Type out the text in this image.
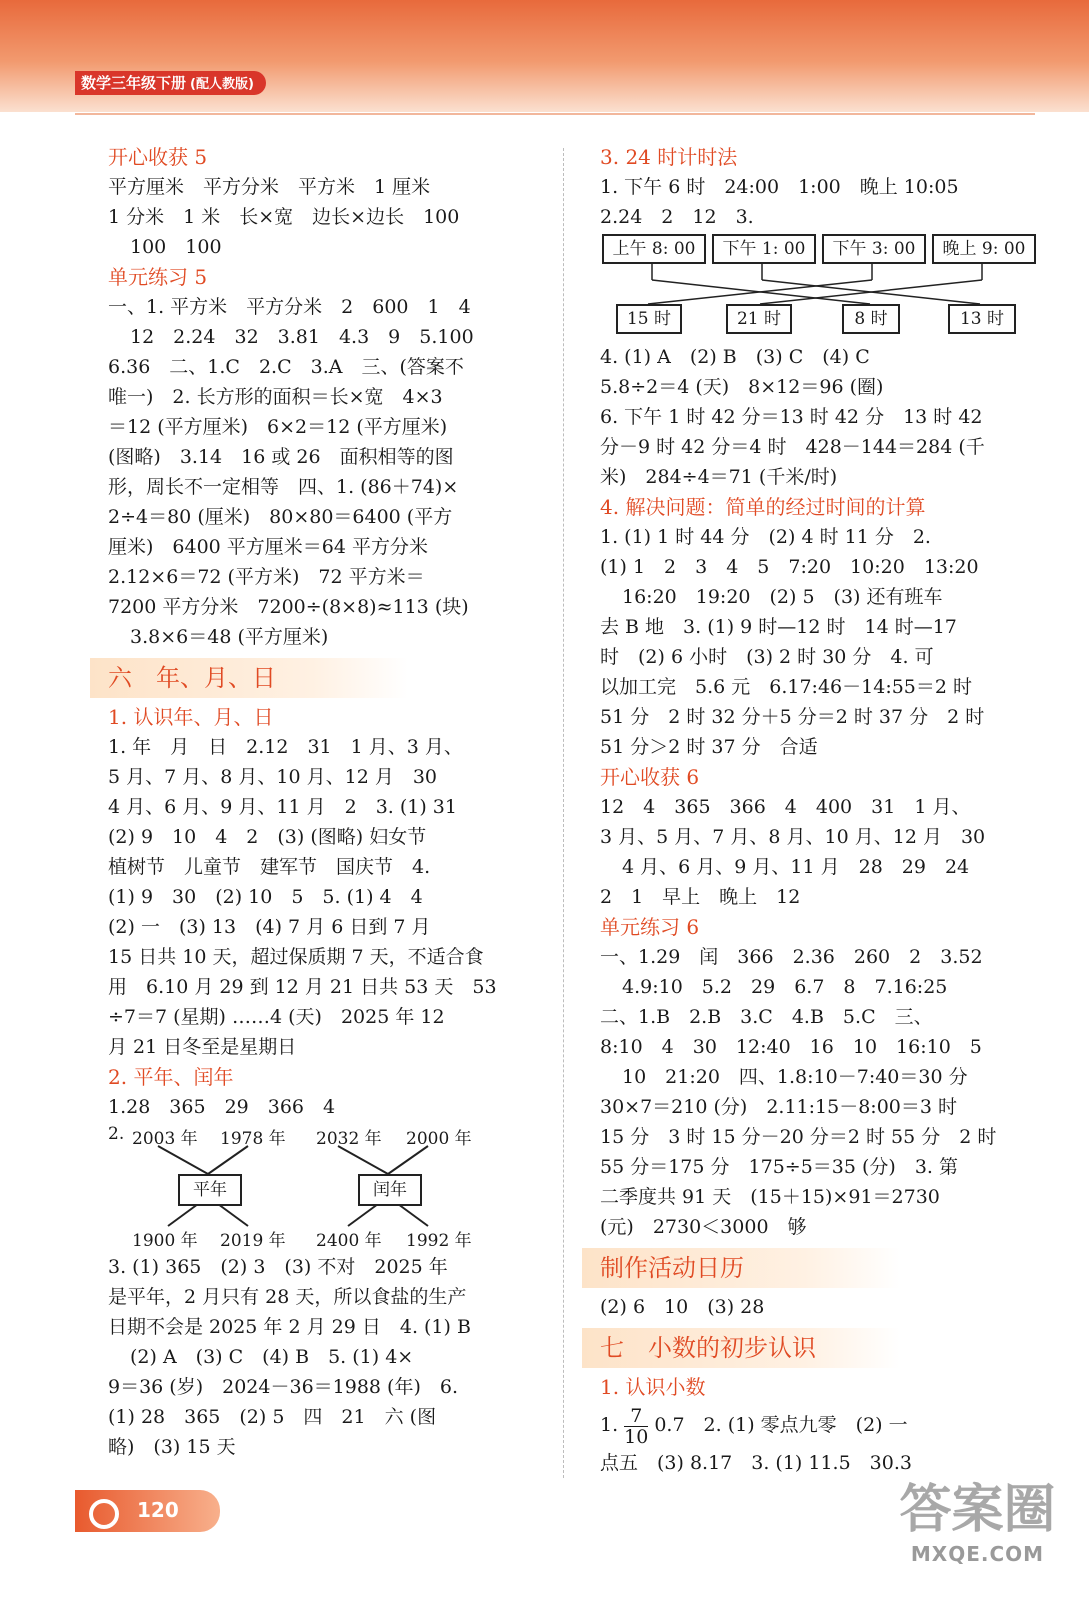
数学三年级下册 (配人教版)
开心收获 5
平方厘米　平方分米　平方米　1 厘米
1 分米　1 米　长×宽　边长×边长　100
100　100
单元练习 5
一、1. 平方米　平方分米　2　600　1　4
12　2.24　32　3.81　4.3　9　5.100
6.36　二、1.C　2.C　3.A　三、(答案不
唯一)　2. 长方形的面积＝长×宽　4×3
＝12 (平方厘米)　6×2＝12 (平方厘米)
(图略)　3.14　16 或 26　面积相等的图
形，周长不一定相等　四、1. (86＋74)×
2÷4＝80 (厘米)　80×80＝6400 (平方
厘米)　6400 平方厘米＝64 平方分米
2.12×6＝72 (平方米)　72 平方米＝
7200 平方分米　7200÷(8×8)≈113 (块)
3.8×6＝48 (平方厘米)
六　年、月、日
1. 认识年、月、日
1. 年　月　日　2.12　31　1 月、3 月、
5 月、7 月、8 月、10 月、12 月　30
4 月、6 月、9 月、11 月　2　3. (1) 31
(2) 9　10　4　2　(3) (图略) 妇女节
植树节　儿童节　建军节　国庆节　4.
(1) 9　30　(2) 10　5　5. (1) 4　4
(2) 一　(3) 13　(4) 7 月 6 日到 7 月
15 日共 10 天，超过保质期 7 天，不适合食
用　6.10 月 29 到 12 月 21 日共 53 天　53
÷7＝7 (星期) ……4 (天)　2025 年 12
月 21 日冬至是星期日
2. 平年、闰年
1.28　365　29　366　4
2. 2003 年 1978 年 2032 年 2000 年
平年	闰年
1900 年 2019 年 2400 年 1992 年
3. (1) 365　(2) 3　(3) 不对　2025 年
是平年，2 月只有 28 天，所以食盐的生产
日期不会是 2025 年 2 月 29 日　4. (1) B
(2) A　(3) C　(4) B　5. (1) 4×
9＝36 (岁)　2024－36＝1988 (年)　6.
(1) 28　365　(2) 5　四　21　六 (图
略)　(3) 15 天
3. 24 时计时法
1. 下午 6 时　24:00　1:00　晚上 10:05
2.24　2　12　3.
上午 8: 00	下午 1: 00	下午 3: 00	晚上 9: 00
15 时	21 时	8 时	13 时
4. (1) A　(2) B　(3) C　(4) C
5.8÷2＝4 (天)　8×12＝96 (圈)
6. 下午 1 时 42 分＝13 时 42 分　13 时 42
分－9 时 42 分＝4 时　428－144＝284 (千
米)　284÷4＝71 (千米/时)
4. 解决问题：简单的经过时间的计算
1. (1) 1 时 44 分　(2) 4 时 11 分　2.
(1) 1　2　3　4　5　7:20　10:20　13:20
16:20　19:20　(2) 5　(3) 还有班车
去 B 地　3. (1) 9 时—12 时　14 时—17
时　(2) 6 小时　(3) 2 时 30 分　4. 可
以加工完　5.6 元　6.17:46－14:55＝2 时
51 分　2 时 32 分＋5 分＝2 时 37 分　2 时
51 分＞2 时 37 分　合适
开心收获 6
12　4　365　366　4　400　31　1 月、
3 月、5 月、7 月、8 月、10 月、12 月　30
4 月、6 月、9 月、11 月　28　29　24
2　1　早上　晚上　12
单元练习 6
一、1.29　闰　366　2.36　260　2　3.52
4.9:10　5.2　29　6.7　8　7.16:25
二、1.B　2.B　3.C　4.B　5.C　三、
8:10　4　30　12:40　16　10　16:10　5
10　21:20　四、1.8:10－7:40＝30 分
30×7＝210 (分)　2.11:15－8:00＝3 时
15 分　3 时 15 分－20 分＝2 时 55 分　2 时
55 分＝175 分　175÷5＝35 (分)　3. 第
二季度共 91 天　(15＋15)×91＝2730
(元)　2730＜3000　够
制作活动日历
(2) 6　10　(3) 28
七　小数的初步认识
1. 认识小数
1. $\frac{7}{10} 0.7$　2. (1) 零点九零　(2) 一
点五　(3) 8.17　3. (1) 11.5　30.3
120	答案圈
MXQE.COM
